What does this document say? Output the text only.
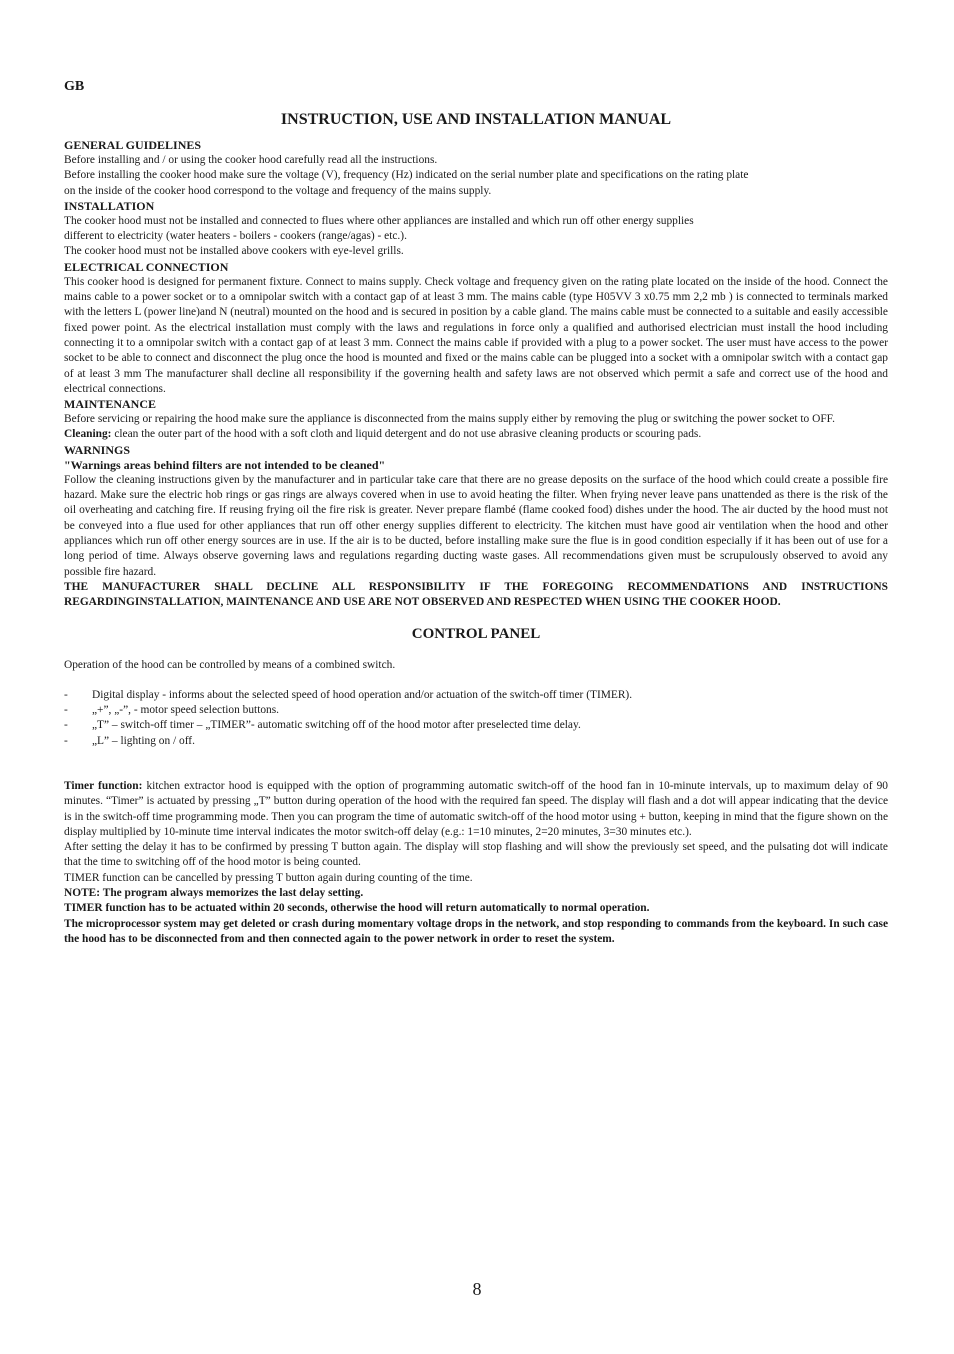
GB

INSTRUCTION, USE AND INSTALLATION MANUAL

GENERAL GUIDELINES

Before installing and / or using the cooker hood carefully read all the instructions.

Before installing the cooker hood make sure the voltage (V), frequency (Hz) indicated on the serial number plate and specifications on the rating plate

on the inside of the cooker hood correspond to the voltage and frequency of the mains supply.

INSTALLATION

The cooker hood must not be installed and connected to flues where other appliances are installed and which run off other energy supplies

different to electricity (water heaters - boilers - cookers (range/agas) - etc.).

The cooker hood must not be installed above cookers with eye-level grills.

ELECTRICAL CONNECTION

This cooker hood is designed for permanent fixture. Connect to mains supply. Check voltage and frequency given on the rating plate located on the inside of the hood. Connect the mains cable to a power socket or to a omnipolar switch with a contact gap of at least 3 mm. The mains cable (type H05VV 3 x0.75 mm 2,2 mb ) is connected to terminals marked with the letters L (power line)and N (neutral) mounted on the hood and is secured in position by a cable gland. The mains cable must be connected to a suitable and easily accessible fixed power point. As the electrical installation must comply with the laws and regulations in force only a qualified and authorised electrician must install the hood including connecting it to a omnipolar switch with a contact gap of at least 3 mm. Connect the mains cable if provided with a plug to a power socket. The user must have access to the power socket to be able to connect and disconnect the plug once the hood is mounted and fixed or the mains cable can be plugged into a socket with a omnipolar switch with a contact gap of at least 3 mm The manufacturer shall decline all responsibility if the governing health and safety laws are not observed which permit a safe and correct use of the hood and electrical connections.

MAINTENANCE

Before servicing or repairing the hood make sure the appliance is disconnected from the mains supply either by removing the plug or switching the power socket to OFF.

Cleaning: clean the outer part of the hood with a soft cloth and liquid detergent and do not use abrasive cleaning products or scouring pads.

WARNINGS

"Warnings areas behind filters are not intended to be cleaned"

Follow the cleaning instructions given by the manufacturer and in particular take care that there are no grease deposits on the surface of the hood which could create a possible fire hazard. Make sure the electric hob rings or gas rings are always covered when in use to avoid heating the filter. When frying never leave pans unattended as there is the risk of the oil overheating and catching fire. If reusing frying oil the fire risk is greater. Never prepare flambé (flame cooked food) dishes under the hood. The air ducted by the hood must not be conveyed into a flue used for other appliances that run off other energy supplies different to electricity. The kitchen must have good air ventilation when the hood and other appliances which run off other energy sources are in use. If the air is to be ducted, before installing make sure the flue is in good condition especially if it has been out of use for a long period of time. Always observe governing laws and regulations regarding ducting waste gases. All recommendations given must be scrupulously observed to avoid any possible fire hazard.

THE MANUFACTURER SHALL DECLINE ALL RESPONSIBILITY IF THE FOREGOING RECOMMENDATIONS AND INSTRUCTIONS REGARDINGINSTALLATION, MAINTENANCE AND USE ARE NOT OBSERVED AND RESPECTED WHEN USING THE COOKER HOOD.

CONTROL PANEL

Operation of the hood can be controlled by means of a combined switch.

-	Digital display - informs about the selected speed of hood operation and/or actuation of the switch-off timer (TIMER).
-	„+”, „-”, - motor speed selection buttons.
-	„T” – switch-off timer – „TIMER”- automatic switching off of the hood motor after preselected time delay.
-	„L” – lighting on / off.

Timer function: kitchen extractor hood is equipped with the option of programming automatic switch-off of the hood fan in 10-minute intervals, up to maximum delay of 90 minutes. “Timer” is actuated by pressing „T” button during operation of the hood with the required fan speed. The display will flash and a dot will appear indicating that the device is in the switch-off time programming mode. Then you can program the time of automatic switch-off of the hood motor using + button, keeping in mind that the figure shown on the display multiplied by 10-minute time interval indicates the motor switch-off delay (e.g.: 1=10 minutes, 2=20 minutes, 3=30 minutes etc.).

After setting the delay it has to be confirmed by pressing T button again. The display will stop flashing and will show the previously set speed, and the pulsating dot will indicate that the time to switching off of the hood motor is being counted.

TIMER function can be cancelled by pressing T button again during counting of the time.

NOTE: The program always memorizes the last delay setting.

TIMER function has to be actuated within 20 seconds, otherwise the hood will return automatically to normal operation.

The microprocessor system may get deleted or crash during momentary voltage drops in the network, and stop responding to commands from the keyboard. In such case the hood has to be disconnected from and then connected again to the power network in order to reset the system.

8
